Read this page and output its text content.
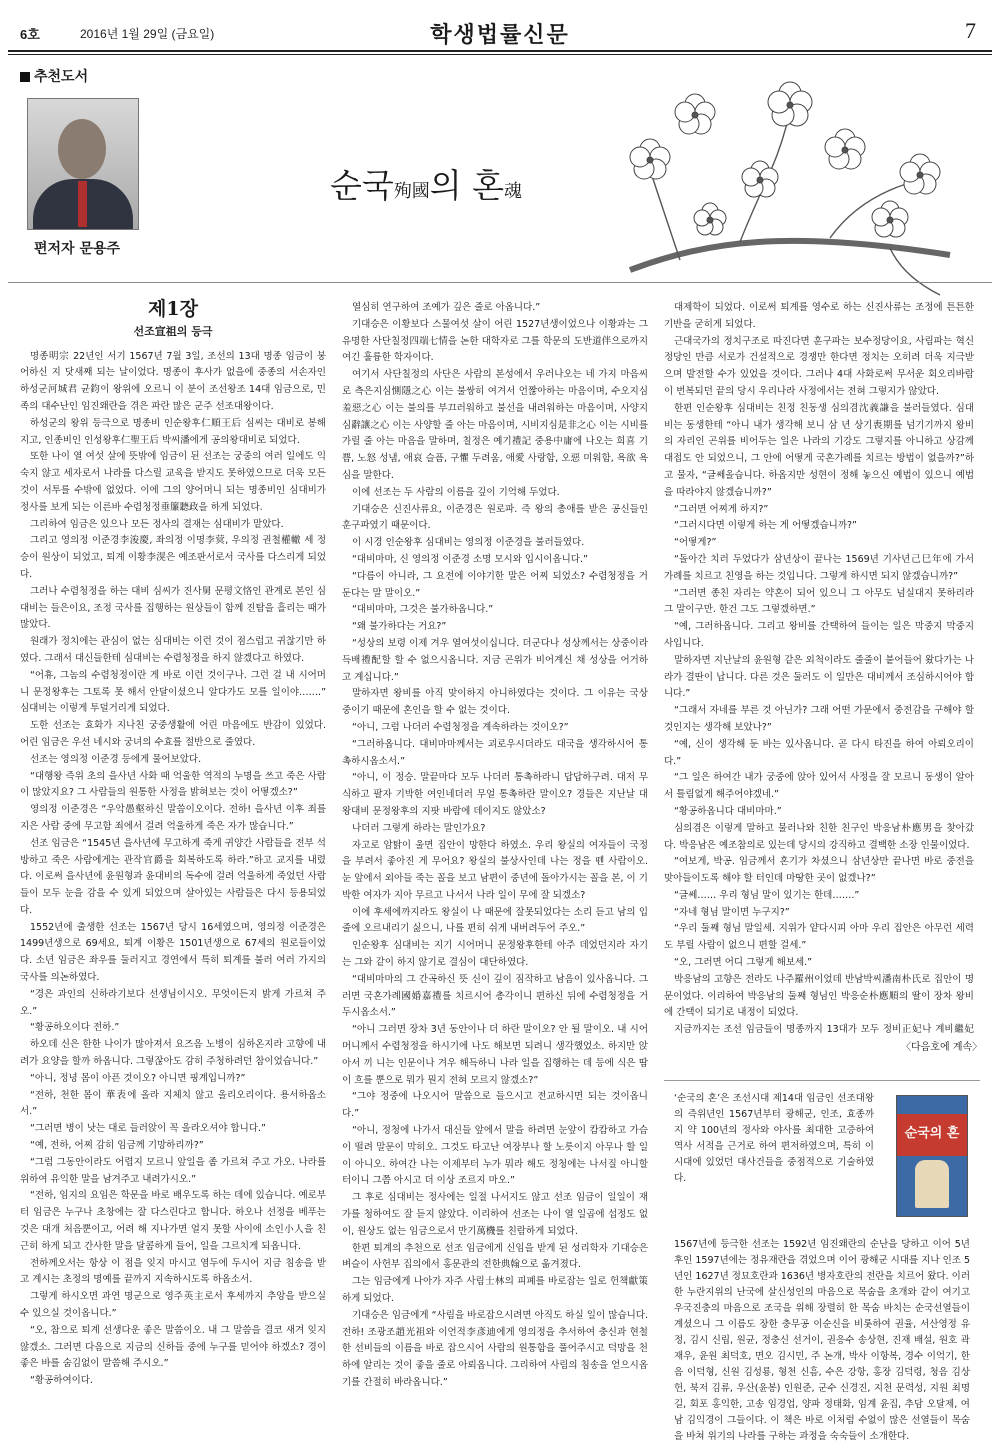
6호	2016년 1월 29일 (금요일)	학생법률신문	7
추천도서
편저자 문용주
순국殉國의 혼魂
제1장
선조宣祖의 등극

명종明宗 22년인 서기 1567년 7월 3일, 조선의 13대 명종 임금이 붕어하신 지 닷새째 되는 날이었다. 명종이 후사가 없을에 중종의 서손자인 하성군河城君 균鈞이 왕위에 오르니 이 분이 조선왕조 14대 임금으로, 민족의 대수난인 임진왜란을 겪은 파란 많은 군주 선조대왕이다.

하성군의 왕위 등극으로 명종비 인순왕후仁順王后 심씨는 대비로 봉해지고, 인종비인 인성왕후仁聖王后 박씨潘에게 공의왕대비로 되었다.

또한 나이 열 여섯 살에 뜻밖에 임금이 된 선조는 궁중의 여러 일에도 익숙지 않고 세자로서 나라를 다스릴 교육을 받지도 못하였으므로 더욱 모든 것이 서투를 수밖에 없었다. 이에 그의 양어머니 되는 명종비인 심대비가 정사를 보게 되는 이른바 수렴청정垂簾聽政을 하게 되었다.

그리하여 임금은 있으나 모든 정사의 결재는 심대비가 맡았다.

그리고 영의정 이준경李浚慶, 좌의정 이명李蓂, 우의정 권철權轍 세 정승이 원상이 되었고, 퇴계 이황李滉은 예조판서로서 국사를 다스리게 되었다.

그러나 수렴청정을 하는 대비 심씨가 진사舅 문평文恪인 관계로 본인 심대비는 들은이요, 조정 국사를 집행하는 원상들이 함께 진탐을 흘리는 때가 많았다.

원래가 정치에는 관심이 없는 심대비는 이런 것이 점스럽고 귀찮기만 하였다. 그래서 대신들한테 심대비는 수렴청정을 하지 않겠다고 하였다.

“어휴, 그놈의 수렴청정이란 게 바로 이런 것이구나. 그런 걸 내 시어머니 문정왕후는 그토록 못 해서 안달이셨으니 알다가도 모를 일이야…….” 심대비는 이렇게 투덜거리게 되었다.

도한 선조는 효화가 지나친 궁중생활에 어린 마음에도 반감이 있었다. 어린 임금은 우선 네시와 궁녀의 수효를 절반으로 줄였다.

선조는 영의정 이준경 등에게 물어보았다.

“대행왕 즉위 초의 을사년 사화 때 억울한 역적의 누명을 쓰고 죽은 사람이 많았지요? 그 사람들의 원통한 사정을 밝혀보는 것이 어떻겠소?”

영의정 이준경은 “우악愚壑하신 말씀이오이다. 전하! 을사년 이후 죄를 지은 사람 중에 무고함 죄에서 걸려 억울하게 죽은 자가 많습니다.”

선조 임금은 “1545년 을사년에 무고하게 죽게 귀양간 사람들을 전부 석방하고 죽은 사람에게는 관작官爵을 회복하도록 하라.”하고 교지를 내렸다. 이로써 을사년에 윤원형과 윤대비의 독수에 걸려 억울하게 죽었던 사람들이 모두 눈을 감을 수 있게 되었으며 살아있는 사람들은 다시 등용되었다.

1552년에 출생한 선조는 1567년 당시 16세였으며, 영의정 이준경은 1499년생으로 69세요, 퇴계 이황은 1501년생으로 67세의 원로들이었다. 소년 임금은 좌우를 둘러지고 경연에서 특히 퇴계를 불러 여러 가지의 국사를 의논하였다.

“경은 과인의 신하라기보다 선생님이시오. 무엇이든지 밝게 가르쳐 주오.”

“황공하오이다 전하.”

하오데 신은 한한 나이가 많아져서 요즈음 노병이 심하온지라 고향에 내려가 요양을 할까 하옵니다. 그렇잖아도 감히 주청하려던 참이었습니다.”

“아니, 정녕 몸이 아픈 것이오? 아니면 핑계입니까?”

“전하, 천한 몸이 華表에 올라 지체치 않고 올리오리이다. 용서하옵소서.”

“그러면 병이 낫는 대로 들러앉이 꼭 올라오셔야 합니다.”

“예, 전하, 어찌 감히 임금께 기망하리까?”

“그럼 그동안이라도 어렵지 모르니 앞일을 좀 가르쳐 주고 가오. 나라를 위하여 유익한 말을 남겨주고 내려가시오.”

“전하, 임지의 요임은 학문을 바로 배우도록 하는 데에 있습니다. 예로부터 임금은 누구나 초창에는 잘 다스린다고 합니다. 하오나 선정을 베푸는 것은 대개 처음뿐이고, 어려 해 지나가면 얼지 못할 사이에 소인小人을 친근히 하게 되고 간사한 말을 달콤하게 들어, 일을 그르치게 되옵니다.

전하께오서는 항상 이 점을 잊지 마시고 염두에 두시어 지금 침송을 받고 계시는 초정의 명예를 끝까지 지속하시도록 하옵소서.

그렇게 하시오면 과연 명군으로 영주英主로서 후세까지 추앙을 받으실 수 있으실 것이옵니다.”

“오, 참으로 퇴계 선생다운 좋은 말씀이오. 내 그 말씀을 결코 새겨 잊지 않겠소. 그러면 다음으로 지금의 신하들 중에 누구를 믿어야 하겠소? 경이 좋은 바를 숨김없이 말씀해 주시오.”

“황공하여이다.

열심히 연구하여 조예가 깊은 줄로 아옵니다.”

기대승은 이황보다 스물여섯 살이 어린 1527년생이었으나 이황과는 그 유명한 사단칠정四端七情을 논한 대학자로 그를 학문의 도반道伴으로까지 여긴 훌륭한 학자이다.

여기서 사단칠정의 사단은 사람의 본성에서 우러나오는 네 가지 마음씨로 측은지심惻隱之心 이는 불쌍히 여겨서 언짢아하는 마음이며, 수오지심羞惡之心 이는 불의를 부끄러워하고 불선을 내려워하는 마음이며, 사양지심辭讓之心 이는 사양할 줄 아는 마음이며, 시비지심是非之心 이는 시비를 가릴 줄 아는 마음을 말하며, 칠정은 예기禮記 중용中庸에 나오는 희喜 기쁨, 노怒 성냄, 애哀 슬픔, 구懼 두려움, 애愛 사랑함, 오惡 미워함, 욕欲 욕심을 말한다.

이에 선조는 두 사람의 이름을 깊이 기억해 두었다.

기대승은 신진사류요, 이준경은 원로파. 즉 왕의 총애를 받은 공신들인 훈구파였기 때문이다.

이 시경 인순왕후 심대비는 영의정 이준경을 불러들였다.

“대비마마, 신 영의정 이준경 소명 모시와 입시이옵니다.”

“다름이 아니라, 그 요전에 이야기한 말은 어찌 되었소? 수렴청정을 거둔다는 말 말이오.”

“대비마마, 그것은 불가하옵니다.”

“왜 불가하다는 거요?”

“성상의 보령 이제 겨우 열여섯이십니다. 더군다나 성상께서는 상중이라 득배禮配할 할 수 없으시옵니다. 지금 곤위가 비어계신 채 성상을 어거하고 계십니다.”

말하자면 왕비를 아직 맞이하지 아니하였다는 것이다. 그 이유는 국상 중이기 때문에 혼인을 할 수 없는 것이다.

“아니, 그럼 나더러 수렴청정을 계속하라는 것이오?”

“그러하옵니다. 대비마마께서는 괴로우시더라도 대국을 생각하시어 통촉하시옵소서.”

“아니, 이 정승. 말끝마다 모두 나더러 통촉하라니 답답하구려. 대저 무식하고 팔자 기박한 여인네더러 무얼 통촉하란 말이오? 경들은 지난날 대왕대비 문정왕후의 지팟 바람에 데이지도 않았소?

나더러 그렇게 하라는 말인가요?

자고로 암탉이 울면 집안이 망한다 하였소. 우리 왕실의 여자들이 국정을 부려서 좋아진 게 무어요? 왕실의 불상사인데 나는 정을 뗀 사람이오. 눈 앞에서 외아들 죽는 꼴을 보고 남편이 중년에 돌아가시는 꼴을 본, 이 기박한 여자가 지아 무르고 나서서 나라 일이 무에 잘 되겠소?

이에 후세에까지라도 왕실이 나 때문에 잘못되었다는 소리 듣고 남의 입줄에 오르내리기 싫으니, 나를 편히 쉬게 내버려두어 주오.”

인순왕후 심대비는 지기 시어머니 문정왕후한테 아주 데었던지라 자기는 그와 같이 하지 않기로 결심이 대단하였다.

“대비마마의 그 간곡하신 뜻 신이 깊이 짐작하고 남음이 있사옵니다. 그러면 국혼가례國婚嘉禮를 치르시어 총각이니 편하신 뒤에 수렴청정을 거두시옵소서.”

“아니 그러면 장차 3년 동안이나 더 하란 말이오? 안 될 말이오. 내 시어머니께서 수렴청정을 하시기에 나도 해보면 되려니 생각했었소. 하지만 앉아서 끼 니는 인문이나 겨우 해득하니 나라 일을 집행하는 데 등에 식은 땀이 흐를 뿐으로 뭐가 뭔지 전혀 모르지 않겠소?”

“그야 정중에 나오시어 말씀으로 들으시고 전교하시면 되는 것이옵니다.”

“아니, 정청에 나가서 대신들 앞에서 말을 하려면 눈앞이 캄캄하고 가슴이 떨려 말문이 막히오. 그것도 타고난 여장부나 할 노릇이지 아무나 할 일이 아니오. 하여간 나는 이제부터 누가 뭐라 해도 정청에는 나서질 아니할 터이니 그쯤 아시고 더 이상 조르지 마오.”

그 후로 심대비는 정사에는 일절 나서지도 않고 선조 임금이 일일이 재가를 청하여도 잘 듣지 않았다. 이리하여 선조는 나이 열 일곱에 섭정도 없이, 원상도 없는 임금으로서 만기萬機를 친람하게 되었다.

한편 퇴계의 추천으로 선조 임금에게 신임을 받게 된 성리학자 기대승은 벼슬이 사헌부 집의에서 홍문관의 전한典翰으로 옮겨졌다.

그는 임금에게 나아가 자주 사림士林의 피폐를 바로잡는 일로 헌책獻策하게 되었다.

기대승은 임금에게 “사림을 바로잡으시려면 아직도 하실 일이 많습니다. 전하! 조광조趙光祖와 이언적李彥迪에게 영의정을 추서하여 충신과 현철한 선비들의 이름을 바로 잡으시어 사람의 원통함을 풀어주시고 덕망을 천하에 알리는 것이 좋을 줄로 아뢰옵니다. 그리하여 사림의 침송을 얻으시옵기를 간절히 바라옵니다.”

대제학이 되었다. 이로써 퇴계를 영수로 하는 신진사류는 조정에 튼튼한 기반을 굳히게 되었다.

근대국가의 정치구조로 따진다면 훈구파는 보수정당이요, 사림파는 혁신정당인 만큼 서로가 건설적으로 경쟁만 한다면 정치는 오히려 더욱 지극받으며 발전할 수가 있었을 것이다. 그러나 4대 사화로써 무서운 회오리바람이 번복되던 끝의 당시 우리나라 사정에서는 전혀 그렇지가 않았다.

한편 인순왕후 심대비는 친정 친동생 심의겸沈義謙을 불러들였다. 심대비는 동생한테 “아니 내가 생각해 보니 삼 년 상기喪期를 넘기기까지 왕비의 자리인 곤위를 비어두는 일은 나라의 기강도 그렇지를 아니하고 상감께 대접도 안 되었으니, 그 안에 어떻게 국혼가례를 치르는 방법이 없을까?”하고 물자, “글쎄올습니다. 하옵지만 성현이 정해 놓으신 예법이 있으니 예법을 따라야지 않겠습니까?”

“그러면 어찌게 하지?”

“그러시다면 이렇게 하는 게 어떻겠습니까?”

“어떻게?”

“돌아간 치러 두었다가 삼년상이 끝나는 1569년 기사년己巳年에 가서 가례를 치르고 친영을 하는 것입니다. 그렇게 하시면 되지 않겠습니까?”

“그러면 종친 자리는 약혼이 되어 있으니 그 아무도 넘실대지 못하리라 그 말이구만. 한건 그도 그렇겠하면.”

“예, 그러하옵니다. 그리고 왕비를 간택하여 들이는 일은 막중지 막중지사입니다.

말하자면 지난날의 윤원형 같은 외척이라도 줄줄이 붙어들어 왔다가는 나라가 결딴이 납니다. 다른 것은 둘러도 이 일만은 대비께서 조심하시어야 합니다.”

“그래서 자네를 부른 것 아닌가? 그래 어떤 가문에서 중전감을 구해야 할 것인지는 생각해 보았나?”

“예, 신이 생각해 둔 바는 있사옵니다. 곧 다시 타진을 하여 아뢰오리이다.”

“그 일은 하여간 내가 궁중에 앉아 있어서 사정을 잘 모르니 동생이 알아서 틀림없게 해주어야겠네.”

“황공하옵니다 대비마마.”

심의겸은 이렇게 말하고 물러나와 친한 친구인 박응남朴應男을 찾아갔다. 박응남은 예조참의로 있는데 당시의 강직하고 결백한 소장 인물이었다.

“여보게, 박공. 임금께서 혼기가 차셨으니 삼년상만 끝나면 바로 중전을 맞아들이도록 해야 할 터인데 마땅한 곳이 없겠나?”

“글쎄…… 우리 형님 말이 있기는 한데…….”

“자네 형님 말이면 누구지?”

“우리 둘째 형님 말일세. 지위가 얕다시피 아마 우리 집안은 아무런 세력도 부릴 사람이 없으니 편할 걸세.”

“오, 그러면 어디 그렇게 해보세.”

박응남의 고향은 전라도 나주羅州이었데 반남박씨潘南朴氏로 집안이 명문이었다. 이리하여 박응남의 둘째 형님인 박응순朴應順의 딸이 장차 왕비에 간택이 되기로 내정이 되었다.

지금까지는 조선 임금들이 명종까지 13대가 모두 정비正妃나 계비繼妃

〈다음호에 계속〉
‘순국의 혼’은 조선시대 제14대 임금인 선조대왕의 즉위년인 1567년부터 광해군, 인조, 효종까지 약 100년의 정사와 야사를 최대한 고증하여 역사 서적을 근거로 하여 편저하였으며, 특히 이 시대에 있었던 대사건들을 중점적으로 기술하였다.
순국의 혼
1567년에 등극한 선조는 1592년 임진왜란의 순난을 당하고 이어 5년 후인 1597년에는 정유재란을 겪었으며 이어 광해군 시대를 지나 인조 5년인 1627년 정묘호란과 1636년 병자호란의 전란을 치르어 왔다. 이러한 누란지위의 난국에 살신성인의 마음으로 목숨을 초개와 같이 여기고 우국진충의 마음으로 조국을 위해 장렬히 한 목숨 바치는 순국선열들이 계셨으니 그 이름도 장한 충무공 이순신을 비롯하여 권율, 서산영정 유정, 김시 신립, 원균, 정충신 선거이, 권응수 송상현, 진재 배설, 원호 곽재우, 윤원 최덕호, 면오 김시민, 주 논개, 박사 이항복, 경수 이억기, 한음 이덕형, 신원 김성룡, 형천 신흠, 수은 강항, 홍장 김덕령, 청음 김상헌, 북저 김류, 우산(윤봉) 인원준, 군수 신경진, 지천 문력성, 지원 최명길, 회포 홍익한, 고송 임경업, 양파 정태화, 임계 윤집, 추담 오달제, 여남 김익경이 그들이다. 이 책은 바로 이처럼 수없이 많은 선열들이 목숨을 바쳐 위기의 나라를 구하는 과정을 숙숙들이 소개한다.
